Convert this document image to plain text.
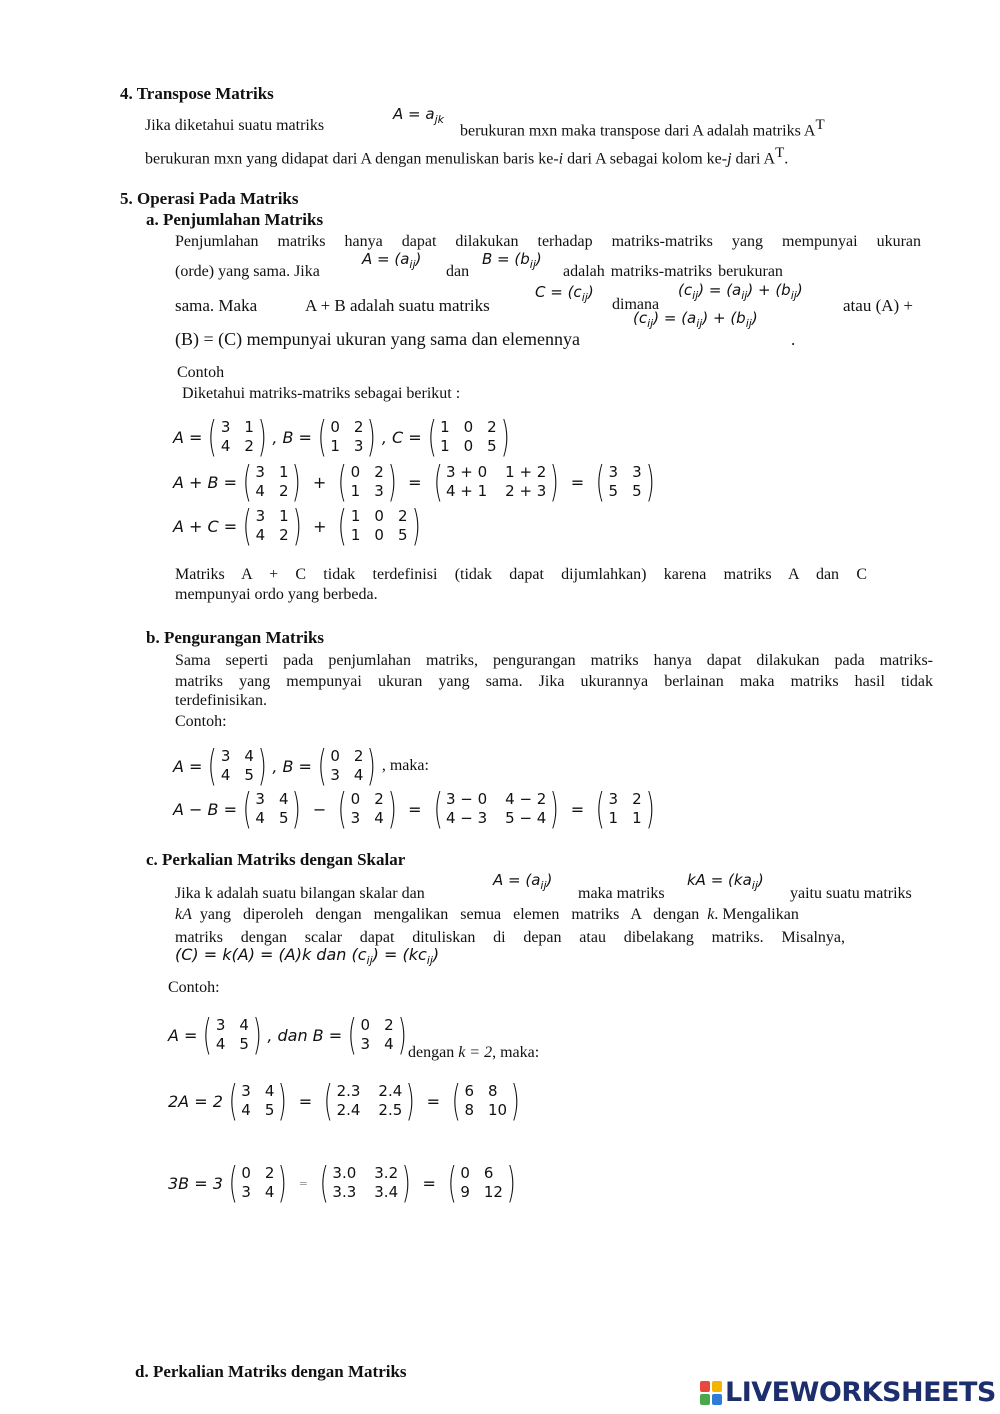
4. Transpose Matriks
Jika diketahui suatu matriks
$A = a_{jk}$
berukuran mxn maka transpose dari A adalah matriks $A^T$
berukuran mxn yang didapat dari A dengan menuliskan baris ke-i dari A sebagai kolom ke-j dari $A^T$.
5. Operasi Pada Matriks
a. Penjumlahan Matriks
Penjumlahan matriks hanya dapat dilakukan terhadap matriks-matriks yang mempunyai ukuran
(orde) yang sama. Jika
$A = (a_{ij})$
dan
$B = (b_{ij})$
adalah matriks-matriks berukuran
sama. Maka	A + B adalah suatu matriks
$C = (c_{ij})$
dimana
$(c_{ij}) = (a_{ij}) + (b_{ij})$
$(c_{ij}) = (a_{ij}) + (b_{ij})$
atau (A) +
(B) = (C) mempunyai ukuran yang sama dan elemennya	.
Contoh
Diketahui matriks-matriks sebagai berikut :
A = ( 3 1
4 2 ) , B = ( 0 2
1 3 ) , C = ( 1 0 2
1 0 5 )
A + B = ( 3 1
4 2 ) + ( 0 2
1 3 ) = ( 3 + 0 1 + 2
4 + 1 2 + 3 ) = ( 3 3
5 5 )
A + C = ( 3 1
4 2 ) + ( 1 0 2
1 0 5 )
Matriks A + C tidak terdefinisi (tidak dapat dijumlahkan) karena matriks A dan C
mempunyai ordo yang berbeda.
b. Pengurangan Matriks
Sama seperti pada penjumlahan matriks, pengurangan matriks hanya dapat dilakukan pada matriks-
matriks yang mempunyai ukuran yang sama. Jika ukurannya berlainan maka matriks hasil tidak
terdefinisikan.
Contoh:
A = ( 3 4
4 5 ) , B = ( 0 2
3 4 ) , maka:
A − B = ( 3 4
4 5 ) − ( 0 2
3 4 ) = ( 3 − 0 4 − 2
4 − 3 5 − 4 ) = ( 3 2
1 1 )
c. Perkalian Matriks dengan Skalar
Jika k adalah suatu bilangan skalar dan
$A = (a_{ij})$
maka matriks
kA = $(ka_{ij})$
yaitu suatu matriks
kA  yang   diperoleh   dengan   mengalikan   semua   elemen   matriks   A   dengan  k. Mengalikan
matriks dengan scalar dapat dituliskan di depan atau dibelakang matriks. Misalnya,
(C) = k(A) = (A)k dan $(c_{ij}) = (kc_{ij})$
Contoh:
A = ( 3 4
4 5 ) , dan B = ( 0 2
3 4 ) dengan k = 2, maka:
2A = 2 ( 3 4
4 5 ) = ( 2.3 2.4
2.4 2.5 ) = ( 6 8
8 10 )
3B = 3 ( 0 2
3 4 ) = ( 3.0 3.2
3.3 3.4 ) = ( 0 6
9 12 )
d. Perkalian Matriks dengan Matriks
LIVEWORKSHEETS
